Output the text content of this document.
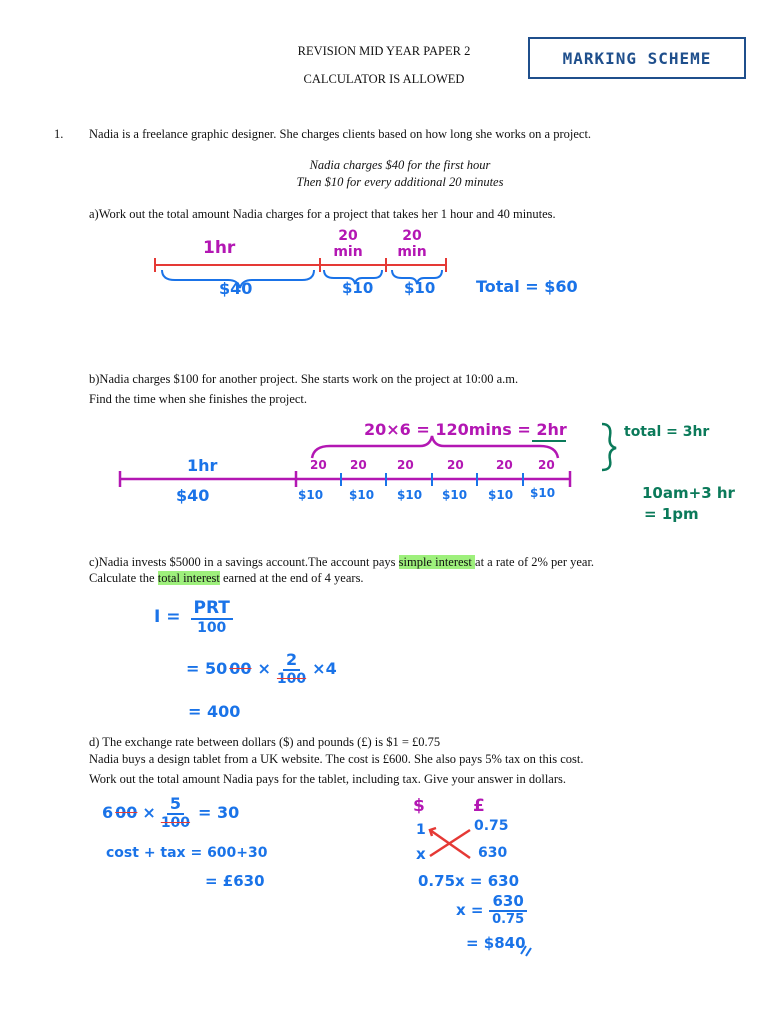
REVISION MID YEAR PAPER 2
CALCULATOR IS ALLOWED
MARKING SCHEME
1. Nadia is a freelance graphic designer. She charges clients based on how long she works on a project.
Nadia charges $40 for the first hour
Then $10 for every additional 20 minutes
a)Work out the total amount Nadia charges for a project that takes her 1 hour and 40 minutes.
b)Nadia charges $100 for another project. She starts work on the project at 10:00 a.m.
Find the time when she finishes the project.
c)Nadia invests $5000 in a savings account.The account pays simple interest at a rate of 2% per year.
Calculate the total interest earned at the end of 4 years.
d) The exchange rate between dollars ($) and pounds (£) is $1 = £0.75
Nadia buys a design tablet from a UK website. The cost is £600. She also pays 5% tax on this cost.
Work out the total amount Nadia pays for the tablet, including tax. Give your answer in dollars.
1hr
20
min
20
min
$40	$10 $10	Total = $60
20×6 = 120mins = 2hr
1hr
$40
20 20	20	20	20 20
$10 $10 $10 $10 $10 $10
total = 3hr
10am+3 hr
= 1pm
$I = \frac{\text{PRT}}{100}$
= 50 $00 \times \frac{2}{100} \times 4$
= 400
6 $00 \times \frac{5}{100} = 30$
cost + tax = 600+30
= £630
$	£
1	0.75
x	630
0.75x = 630
$x = \frac{630}{0.75}$
= $840
